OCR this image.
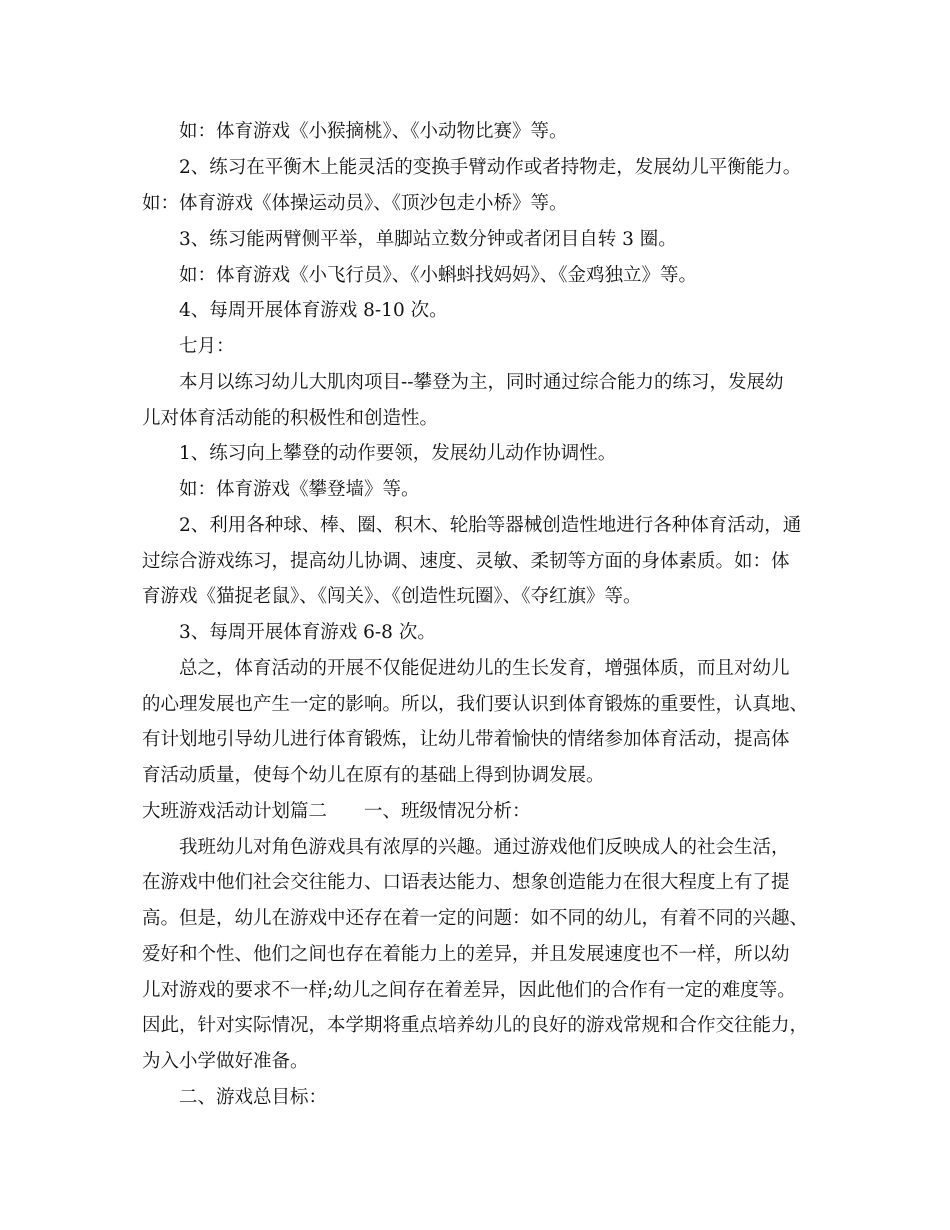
如：体育游戏《小猴摘桃》、《小动物比赛》等。
2、练习在平衡木上能灵活的变换手臂动作或者持物走，发展幼儿平衡能力。
如：体育游戏《体操运动员》、《顶沙包走小桥》等。
3、练习能两臂侧平举，单脚站立数分钟或者闭目自转 3 圈。
如：体育游戏《小飞行员》、《小蝌蚪找妈妈》、《金鸡独立》等。
4、每周开展体育游戏 8-10 次。
七月：
本月以练习幼儿大肌肉项目--攀登为主，同时通过综合能力的练习，发展幼
儿对体育活动能的积极性和创造性。
1、练习向上攀登的动作要领，发展幼儿动作协调性。
如：体育游戏《攀登墙》等。
2、利用各种球、棒、圈、积木、轮胎等器械创造性地进行各种体育活动，通
过综合游戏练习，提高幼儿协调、速度、灵敏、柔韧等方面的身体素质。如：体
育游戏《猫捉老鼠》、《闯关》、《创造性玩圈》、《夺红旗》等。
3、每周开展体育游戏 6-8 次。
总之，体育活动的开展不仅能促进幼儿的生长发育，增强体质，而且对幼儿
的心理发展也产生一定的影响。所以，我们要认识到体育锻炼的重要性，认真地、
有计划地引导幼儿进行体育锻炼，让幼儿带着愉快的情绪参加体育活动，提高体
育活动质量，使每个幼儿在原有的基础上得到协调发展。
大班游戏活动计划篇二　　一、班级情况分析：
我班幼儿对角色游戏具有浓厚的兴趣。通过游戏他们反映成人的社会生活，
在游戏中他们社会交往能力、口语表达能力、想象创造能力在很大程度上有了提
高。但是，幼儿在游戏中还存在着一定的问题：如不同的幼儿，有着不同的兴趣、
爱好和个性、他们之间也存在着能力上的差异，并且发展速度也不一样，所以幼
儿对游戏的要求不一样;幼儿之间存在着差异，因此他们的合作有一定的难度等。
因此，针对实际情况，本学期将重点培养幼儿的良好的游戏常规和合作交往能力，
为入小学做好准备。
二、游戏总目标：
